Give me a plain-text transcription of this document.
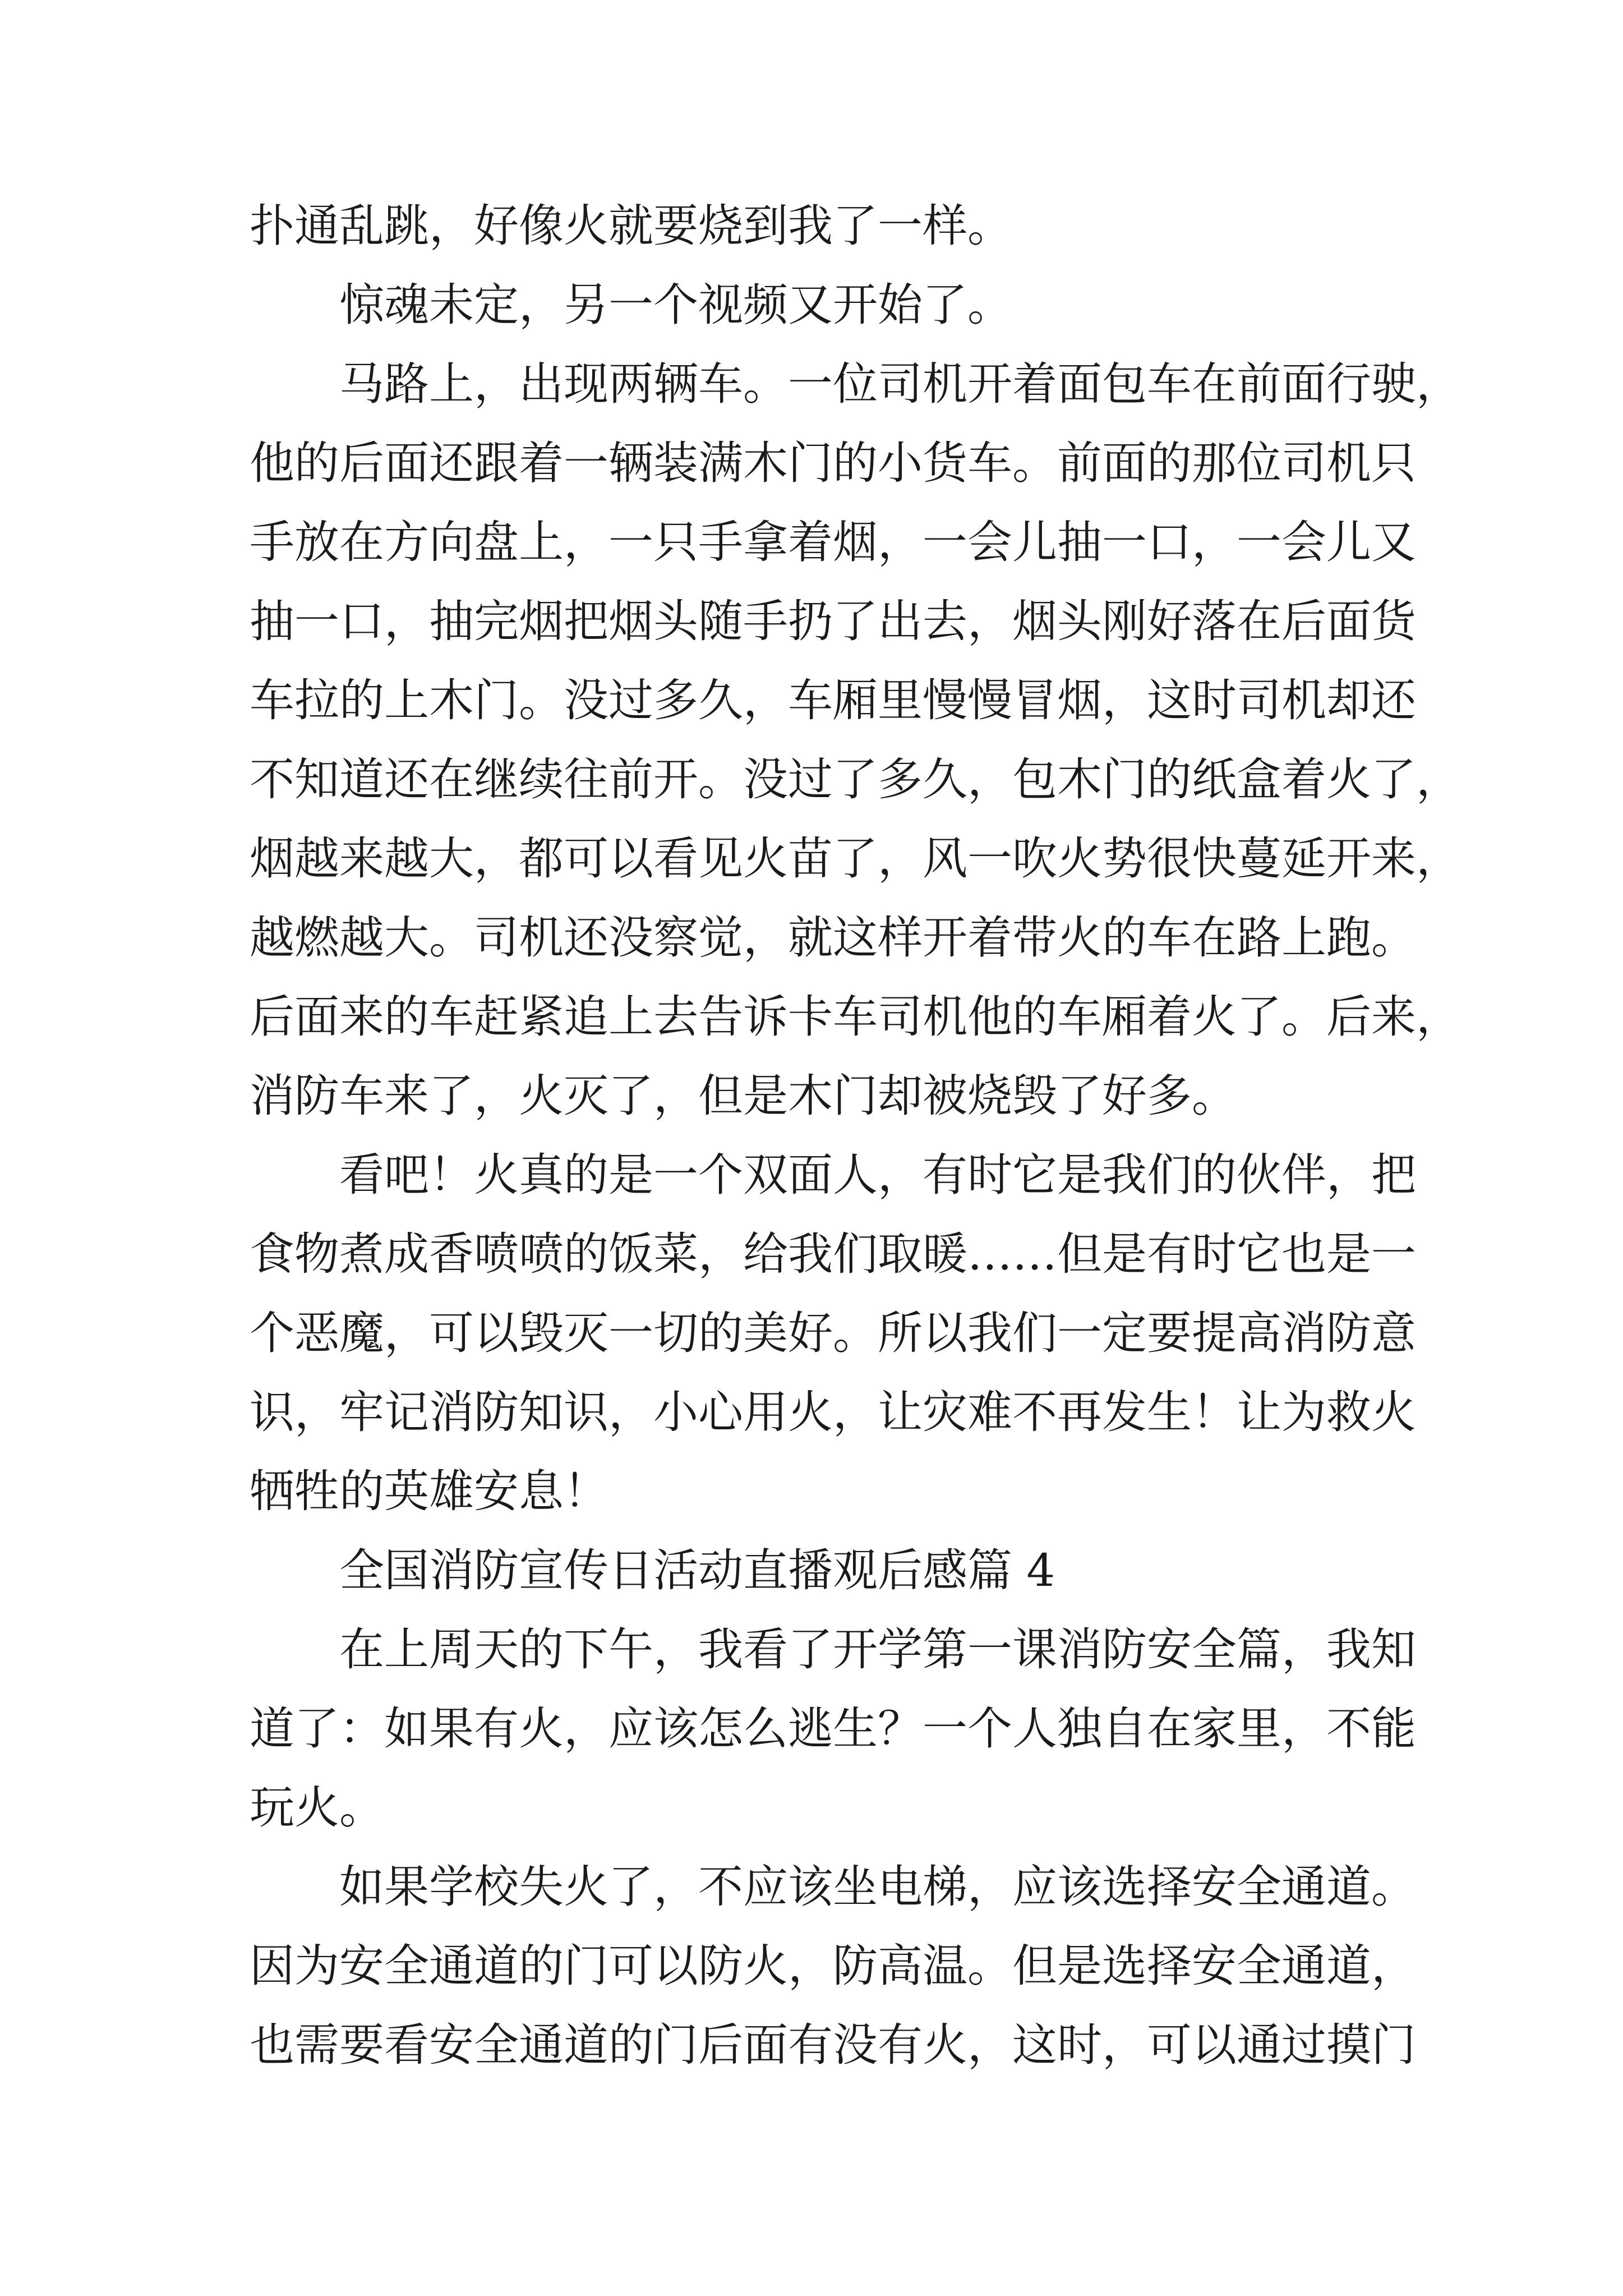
扑通乱跳，好像火就要烧到我了一样。
惊魂未定，另一个视频又开始了。
马路上，出现两辆车。一位司机开着面包车在前面行驶，
他的后面还跟着一辆装满木门的小货车。前面的那位司机只
手放在方向盘上，一只手拿着烟，一会儿抽一口，一会儿又
抽一口，抽完烟把烟头随手扔了出去，烟头刚好落在后面货
车拉的上木门。没过多久，车厢里慢慢冒烟，这时司机却还
不知道还在继续往前开。没过了多久，包木门的纸盒着火了，
烟越来越大，都可以看见火苗了，风一吹火势很快蔓延开来，
越燃越大。司机还没察觉，就这样开着带火的车在路上跑。
后面来的车赶紧追上去告诉卡车司机他的车厢着火了。后来，
消防车来了，火灭了，但是木门却被烧毁了好多。
看吧！火真的是一个双面人，有时它是我们的伙伴，把
食物煮成香喷喷的饭菜，给我们取暖……但是有时它也是一
个恶魔，可以毁灭一切的美好。所以我们一定要提高消防意
识，牢记消防知识，小心用火，让灾难不再发生！让为救火
牺牲的英雄安息！
全国消防宣传日活动直播观后感篇 4
在上周天的下午，我看了开学第一课消防安全篇，我知
道了：如果有火，应该怎么逃生？一个人独自在家里，不能
玩火。
如果学校失火了，不应该坐电梯，应该选择安全通道。
因为安全通道的门可以防火，防高温。但是选择安全通道，
也需要看安全通道的门后面有没有火，这时，可以通过摸门
